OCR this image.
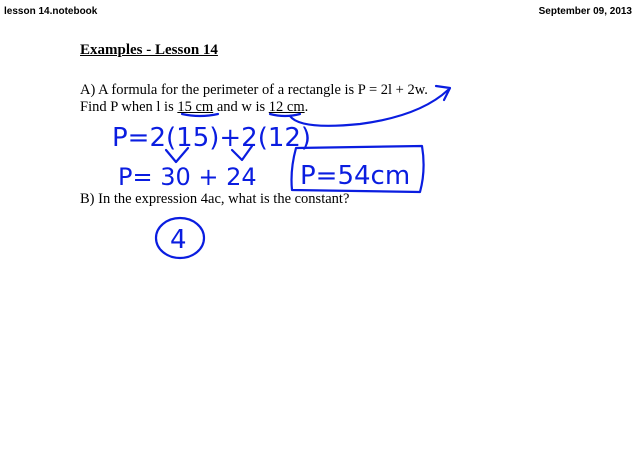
lesson 14.notebook	September 09, 2013
Examples - Lesson 14
A) A formula for the perimeter of a rectangle is P = 2l + 2w.
Find P when l is 15 cm and w is 12 cm.
B) In the expression 4ac, what is the constant?
P=2(15)+2(12)
P= 30 + 24 P=54cm
4
